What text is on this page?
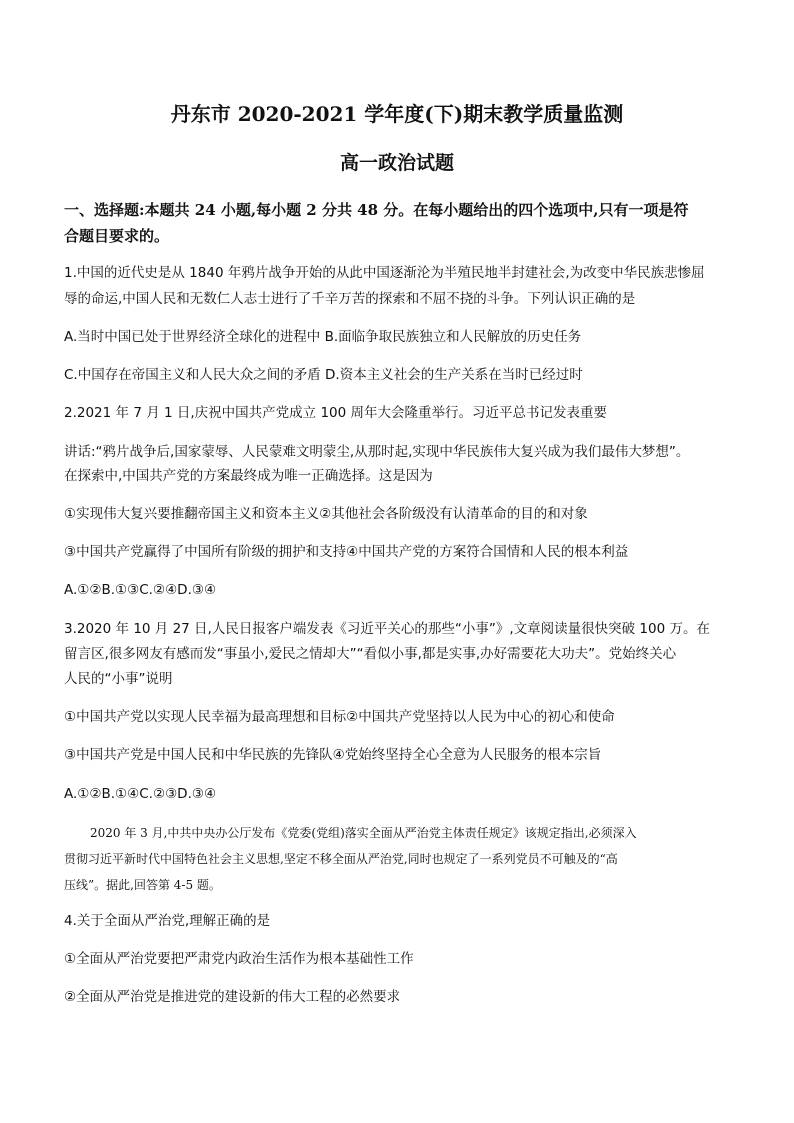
丹东市 2020-2021 学年度(下)期末教学质量监测
高一政治试题
一、选择题:本题共 24 小题,每小题 2 分共 48 分。在每小题给出的四个选项中,只有一项是符
合题目要求的。
1.中国的近代史是从 1840 年鸦片战争开始的从此中国逐渐沦为半殖民地半封建社会,为改变中华民族悲惨屈
辱的命运,中国人民和无数仁人志士进行了千辛万苦的探索和不屈不挠的斗争。下列认识正确的是
A.当时中国已处于世界经济全球化的进程中 B.面临争取民族独立和人民解放的历史任务
C.中国存在帝国主义和人民大众之间的矛盾 D.资本主义社会的生产关系在当时已经过时
2.2021 年 7 月 1 日,庆祝中国共产党成立 100 周年大会隆重举行。习近平总书记发表重要
讲话:“鸦片战争后,国家蒙辱、人民蒙难文明蒙尘,从那时起,实现中华民族伟大复兴成为我们最伟大梦想”。
在探索中,中国共产党的方案最终成为唯一正确选择。这是因为
①实现伟大复兴要推翻帝国主义和资本主义②其他社会各阶级没有认清革命的目的和对象
③中国共产党赢得了中国所有阶级的拥护和支持④中国共产党的方案符合国情和人民的根本利益
A.①②B.①③C.②④D.③④
3.2020 年 10 月 27 日,人民日报客户端发表《习近平关心的那些“小事”》,文章阅读量很快突破 100 万。在
留言区,很多网友有感而发“事虽小,爱民之情却大”“看似小事,都是实事,办好需要花大功夫”。党始终关心
人民的“小事”说明
①中国共产党以实现人民幸福为最高理想和目标②中国共产党坚持以人民为中心的初心和使命
③中国共产党是中国人民和中华民族的先锋队④党始终坚持全心全意为人民服务的根本宗旨
A.①②B.①④C.②③D.③④
2020 年 3 月,中共中央办公厅发布《党委(党组)落实全面从严治党主体责任规定》该规定指出,必须深入
贯彻习近平新时代中国特色社会主义思想,坚定不移全面从严治党,同时也规定了一系列党员不可触及的“高
压线”。据此,回答第 4-5 题。
4.关于全面从严治党,理解正确的是
①全面从严治党要把严肃党内政治生活作为根本基础性工作
②全面从严治党是推进党的建设新的伟大工程的必然要求
